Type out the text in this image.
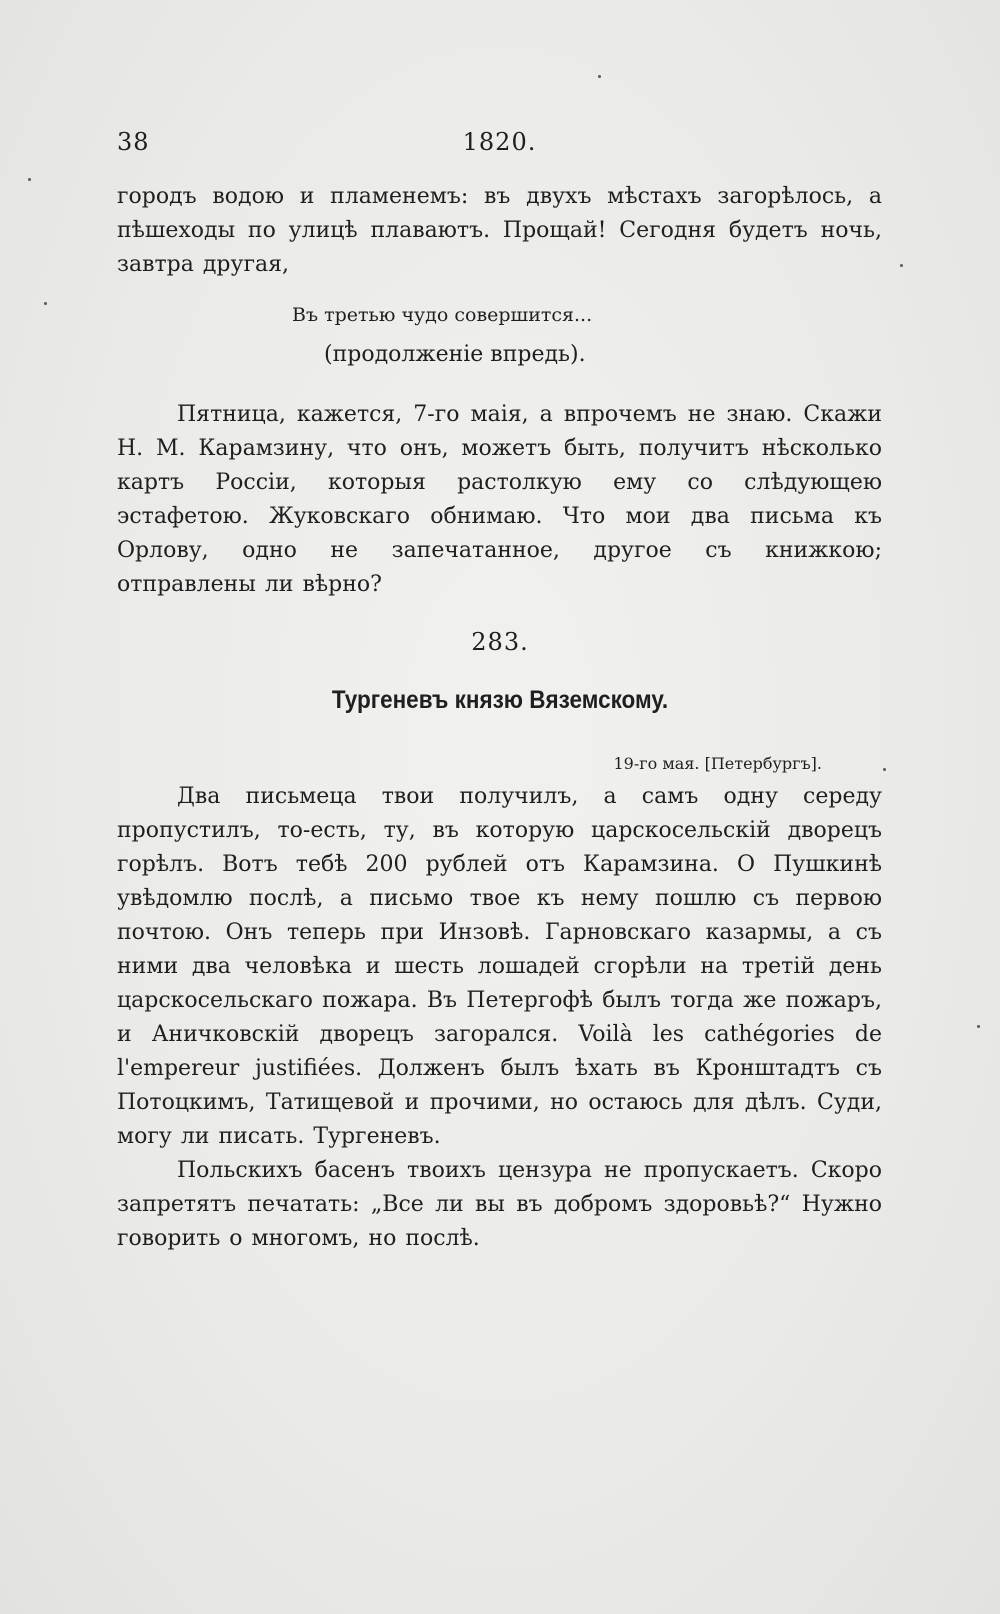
38	1820.

городъ водою и пламенемъ: въ двухъ мѣстахъ загорѣлось, а пѣшеходы по улицѣ плаваютъ. Прощай! Сегодня будетъ ночь, завтра другая,

Въ третью чудо совершится...
(продолженіе впредь).

Пятница, кажется, 7-го маія, а впрочемъ не знаю. Скажи Н. М. Карамзину, что онъ, можетъ быть, получитъ нѣсколько картъ Россіи, которыя растолкую ему со слѣдующею эстафетою. Жуковскаго обнимаю. Что мои два письма къ Орлову, одно не запечатанное, другое съ книжкою; отправлены ли вѣрно?

283.
Тургеневъ князю Вяземскому.
19-го мая. [Петербургъ].

Два письмеца твои получилъ, а самъ одну середу пропустилъ, то-есть, ту, въ которую царскосельскій дворецъ горѣлъ. Вотъ тебѣ 200 рублей отъ Карамзина. О Пушкинѣ увѣдомлю послѣ, а письмо твое къ нему пошлю съ первою почтою. Онъ теперь при Инзовѣ. Гарновскаго казармы, а съ ними два человѣка и шесть лошадей сгорѣли на третій день царскосельскаго пожара. Въ Петергофѣ былъ тогда же пожаръ, и Аничковскій дворецъ загорался. Voilà les cathégories de l'empereur justifiées. Долженъ былъ ѣхать въ Кронштадтъ съ Потоцкимъ, Татищевой и прочими, но остаюсь для дѣлъ. Суди, могу ли писать. Тургеневъ.

Польскихъ басенъ твоихъ цензура не пропускаетъ. Скоро запретятъ печатать: „Все ли вы въ добромъ здоровьѣ?“ Нужно говорить о многомъ, но послѣ.
